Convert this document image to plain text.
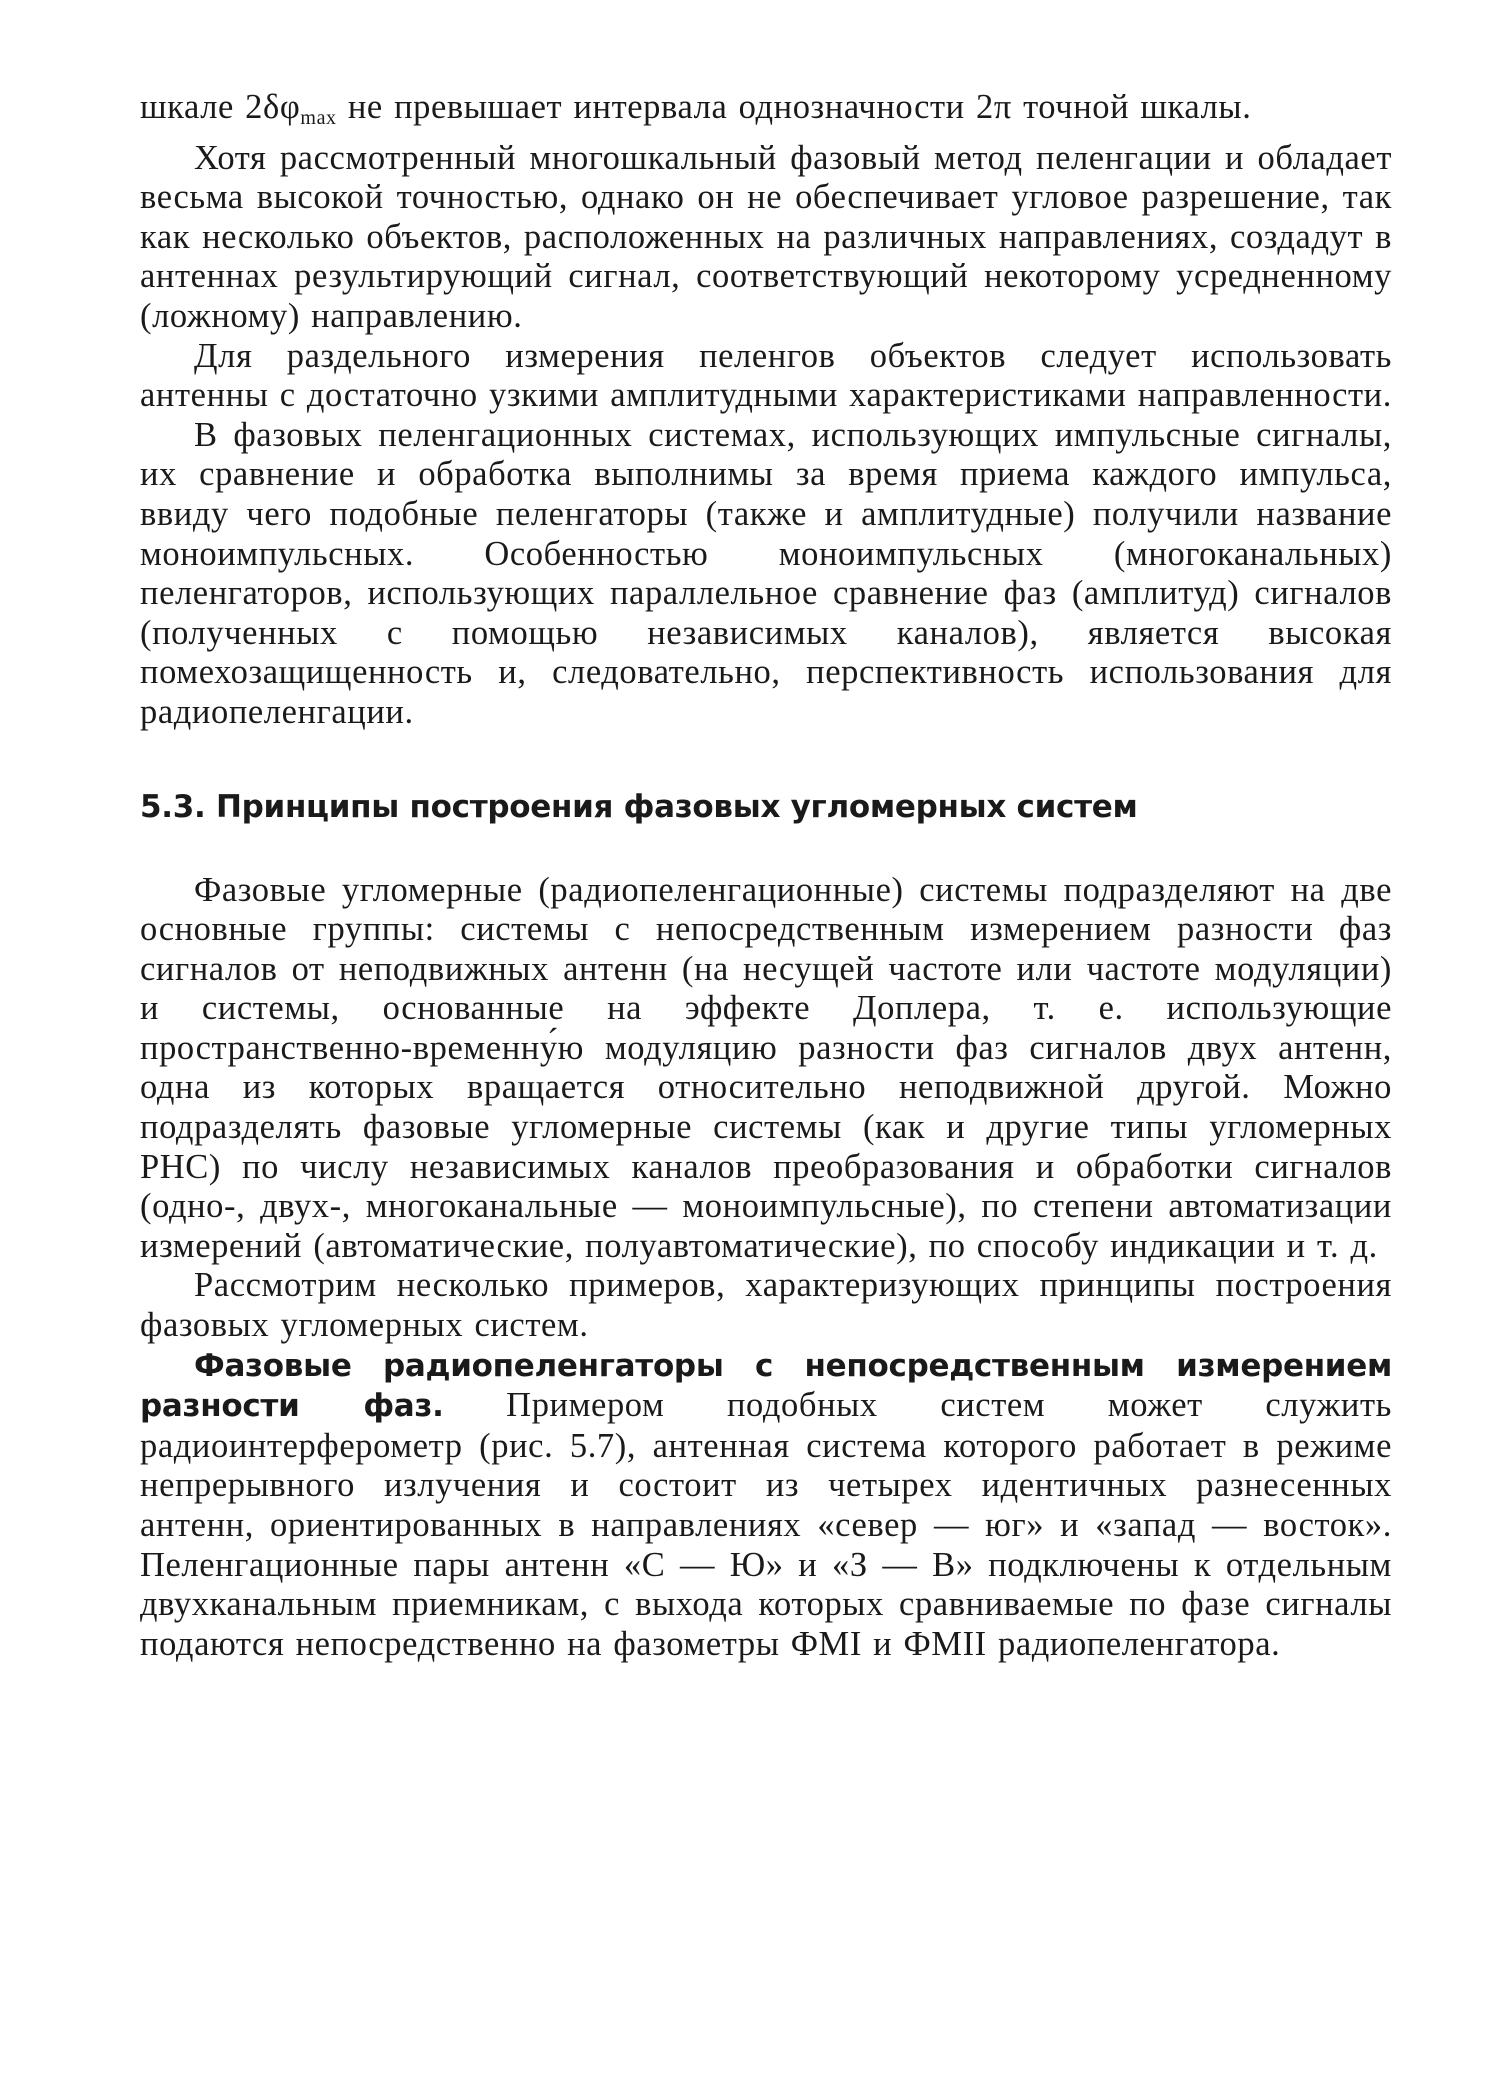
шкале $2\delta\varphi_{max}$ не превышает интервала однозначности 2π точной шкалы.

Хотя рассмотренный многошкальный фазовый метод пеленгации и обладает весьма высокой точностью, однако он не обеспечивает угловое разрешение, так как несколько объектов, расположенных на различных направлениях, создадут в антеннах результирующий сигнал, соответствующий некоторому усредненному (ложному) направлению.

Для раздельного измерения пеленгов объектов следует использовать антенны с достаточно узкими амплитудными характеристиками направленности.

В фазовых пеленгационных системах, использующих импульсные сигналы, их сравнение и обработка выполнимы за время приема каждого импульса, ввиду чего подобные пеленгаторы (также и амплитудные) получили название моноимпульсных. Особенностью моноимпульсных (многоканальных) пеленгаторов, использующих параллельное сравнение фаз (амплитуд) сигналов (полученных с помощью независимых каналов), является высокая помехозащищенность и, следовательно, перспективность использования для радиопеленгации.

5.3. Принципы построения фазовых угломерных систем

Фазовые угломерные (радиопеленгационные) системы подразделяют на две основные группы: системы с непосредственным измерением разности фаз сигналов от неподвижных антенн (на несущей частоте или частоте модуляции) и системы, основанные на эффекте Доплера, т. е. использующие пространственно-временну́ю модуляцию разности фаз сигналов двух антенн, одна из которых вращается относительно неподвижной другой. Можно подразделять фазовые угломерные системы (как и другие типы угломерных РНС) по числу независимых каналов преобразования и обработки сигналов (одно-, двух-, многоканальные — моноимпульсные), по степени автоматизации измерений (автоматические, полуавтоматические), по способу индикации и т. д.

Рассмотрим несколько примеров, характеризующих принципы построения фазовых угломерных систем.

Фазовые радиопеленгаторы с непосредственным измерением разности фаз. Примером подобных систем может служить радиоинтерферометр (рис. 5.7), антенная система которого работает в режиме непрерывного излучения и состоит из четырех идентичных разнесенных антенн, ориентированных в направлениях «север — юг» и «запад — восток». Пеленгационные пары антенн «С — Ю» и «З — В» подключены к отдельным двухканальным приемникам, с выхода которых сравниваемые по фазе сигналы подаются непосредственно на фазометры ФМI и ФМII радиопеленгатора.
